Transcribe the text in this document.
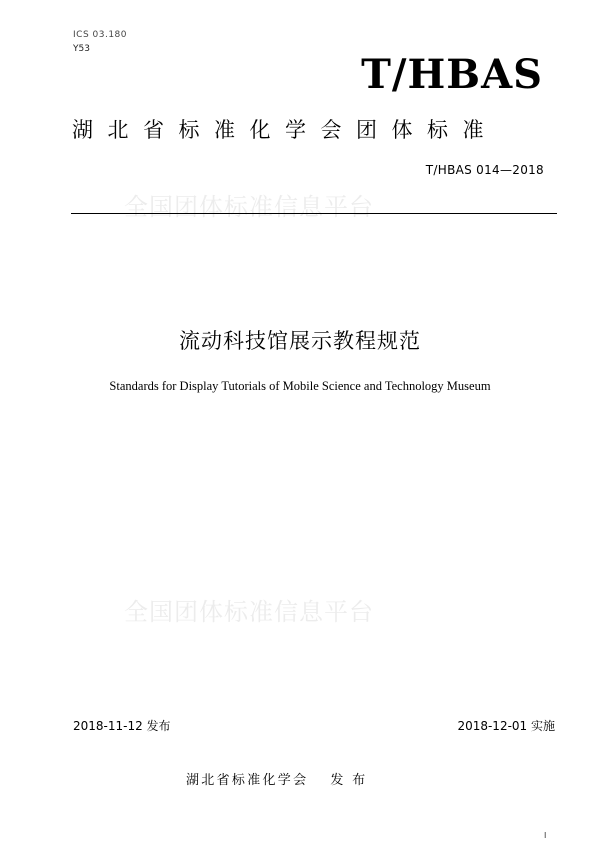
ICS 03.180
Y53
T/HBAS
湖北省标准化学会团体标准
T/HBAS 014—2018
全国团体标准信息平台
流动科技馆展示教程规范
Standards for Display Tutorials of Mobile Science and Technology Museum
全国团体标准信息平台
2018-11-12 发布	2018-12-01 实施
湖北省标准化学会 发 布
I
